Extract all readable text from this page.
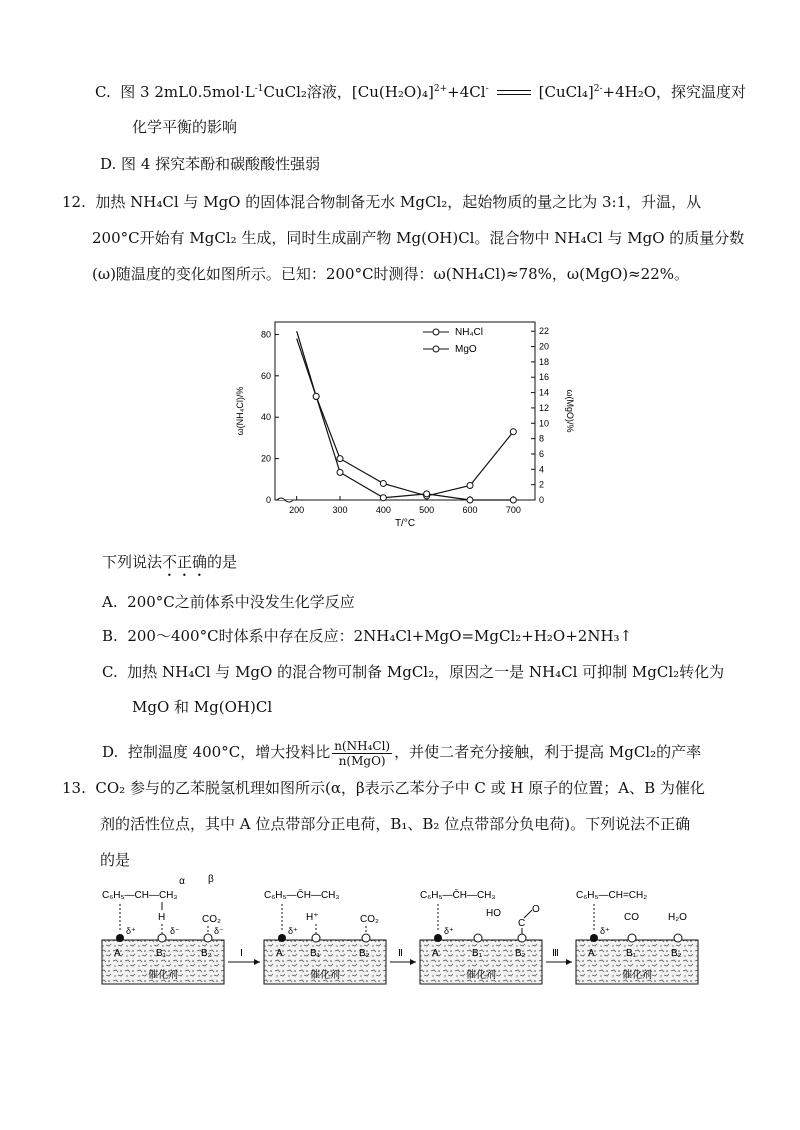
C. 图 3 $2mL0.5mol\cdot L^{-1}CuCl_2$溶液，$[Cu(H_2O)_4]^{2+}+4Cl^-$	[CuCl₄]$^{2-}$+4H₂O，探究温度对
化学平衡的影响
D. 图 4 探究苯酚和碳酸酸性强弱
12. 加热 NH₄Cl 与 MgO 的固体混合物制备无水 MgCl₂，起始物质的量之比为 3:1，升温，从
200°C开始有 MgCl₂ 生成，同时生成副产物 Mg(OH)Cl。混合物中 NH₄Cl 与 MgO 的质量分数
(ω)随温度的变化如图所示。已知：200°C时测得：ω(NH₄Cl)≈78%，ω(MgO)≈22%。
200	300	400	500	600	700
0
20
40
60
80
0
2
4
6
8
10
12
14
16
18
20
22
T/°C
ω(NH₄Cl)/%	ω(MgO)/%
NH₄Cl
MgO
下列说法不正确的是
A. 200°C之前体系中没发生化学反应
B. 200～400°C时体系中存在反应：2NH₄Cl+MgO=MgCl₂+H₂O+2NH₃↑
C. 加热 NH₄Cl 与 MgO 的混合物可制备 MgCl₂，原因之一是 NH₄Cl 可抑制 MgCl₂转化为
MgO 和 Mg(OH)Cl
D. 控制温度 400°C，增大投料比 $\frac{\text{n(NH₄Cl)}}{\text{n(MgO)}}$ ，并使二者充分接触，利于提高 MgCl₂的产率
13. CO₂ 参与的乙苯脱氢机理如图所示(α，β表示乙苯分子中 C 或 H 原子的位置；A、B 为催化
剂的活性位点，其中 A 位点带部分正电荷，B₁、B₂ 位点带部分负电荷)。下列说法不正确
的是
α β
C₆H₅—CH—CH₃
H	CO₂
δ⁺	δ⁻	δ⁻
A	B₁	B₂
催化剂
Ⅰ
C₆H₅—C̄H—CH₃
H⁺	CO₂
δ⁺
A	B₁	B₂
催化剂
Ⅱ
C₆H₅—C̄H—CH₃
HO
C
O
δ⁺
A	B₁	B₂
催化剂
Ⅲ
C₆H₅—CH=CH₂
CO	H₂O
δ⁺
A	B₁	B₂
催化剂
